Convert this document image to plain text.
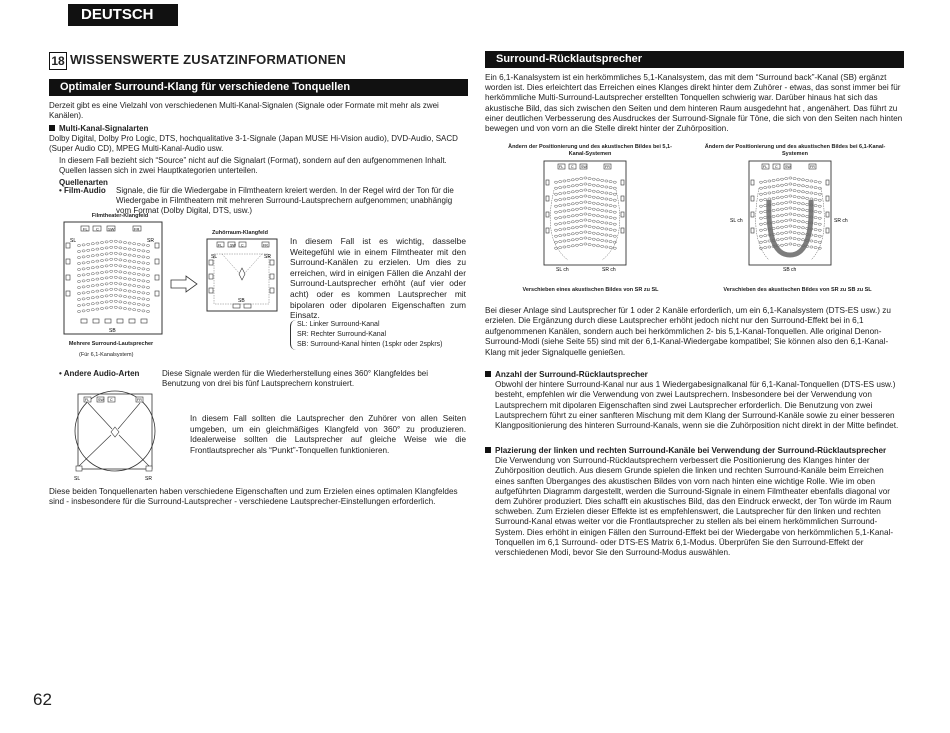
DEUTSCH
18 WISSENSWERTE ZUSATZINFORMATIONEN
Optimaler Surround-Klang für verschiedene Tonquellen
Derzeit gibt es eine Vielzahl von verschiedenen Multi-Kanal-Signalen (Signale oder Formate mit mehr als zwei Kanälen).

Multi-Kanal-Signalarten

Dolby Digital, Dolby Pro Logic, DTS, hochqualitative 3-1-Signale (Japan MUSE Hi-Vision audio), DVD-Audio, SACD (Super Audio CD), MPEG Multi-Kanal-Audio usw.

In diesem Fall bezieht sich “Source” nicht auf die Signalart (Format), sondern auf den aufgenommenen Inhalt. Quellen lassen sich in zwei Hauptkategorien unterteilen.
Quellenarten
• Film-Audio Signale, die für die Wiedergabe in Filmtheatern kreiert werden. In der Regel wird der Ton für die Wiedergabe in Filmtheatern mit mehreren Surround-Lautsprechern aufgenommen; unabhängig vom Format (Dolby Digital, DTS, usw.)
Filmtheater-Klangfeld
FL C SW	FR
SL	SR
SB
Mehrere Surround-Lautsprecher
(Für 6,1-Kanalsystem)
Zuhörraum-Klangfeld
FL SW C	FR
SL	SR
SB
In diesem Fall ist es wichtig, dasselbe Weitegefühl wie in einem Filmtheater mit den Surround-Kanälen zu erzielen. Um dies zu erreichen, wird in einigen Fällen die Anzahl der Surround-Lautsprecher erhöht (auf vier oder acht) oder es kommen Lautsprecher mit bipolaren oder dipolaren Eigenschaften zum Einsatz.

SL: Linker Surround-Kanal

SR: Rechter Surround-Kanal

SB: Surround-Kanal hinten (1spkr oder 2spkrs)

• Andere Audio-Arten	Diese Signale werden für die Wiederherstellung eines 360° Klangfeldes bei Benutzung von drei bis fünf Lautsprechern konstruiert.
FL SW C	FR
SL	SR
In diesem Fall sollten die Lautsprecher den Zuhörer von allen Seiten umgeben, um ein gleichmäßiges Klangfeld von 360° zu produzieren. Idealerweise sollten die Lautsprecher auf gleiche Weise wie die Frontlautsprecher als “Punkt”-Tonquellen funktionieren.
Diese beiden Tonquellenarten haben verschiedene Eigenschaften und zum Erzielen eines optimalen Klangfeldes sind - insbesondere für die Surround-Lautsprecher - verschiedene Lautsprecher-Einstellungen erforderlich.
Surround-Rücklautsprecher
Ein 6,1-Kanalsystem ist ein herkömmliches 5,1-Kanalsystem, das mit dem “Surround back”-Kanal (SB) ergänzt worden ist. Dies erleichtert das Erreichen eines Klanges direkt hinter dem Zuhörer - etwas, das sonst immer bei für herkömmliche Multi-Surround-Lautsprecher erstellten Tonquellen schwierig war. Darüber hinaus hat sich das akustische Bild, das sich zwischen den Seiten und dem hinteren Raum ausgedehnt hat , angenähert. Das führt zu einer deutlichen Verbesserung des Ausdruckes der Surround-Signale für Töne, die sich von den Seiten nach hinten bewegen und von vorn an die Stelle direkt hinter der Zuhörposition.
Ändern der Positionierung und des akustischen Bildes bei 5,1-Kanal-Systemen
FL C SW	FR
SL ch	SR ch
Verschieben eines akustischen Bildes von SR zu SL
Ändern der Positionierung und des akustischen Bildes bei 6,1-Kanal-Systemen
FL C SW	FR
SL ch	SR ch
SB ch
Verschieben des akustischen Bildes von SR zu SB zu SL
Bei dieser Anlage sind Lautsprecher für 1 oder 2 Kanäle erforderlich, um ein 6,1-Kanalsystem (DTS-ES usw.) zu erzielen. Die Ergänzung durch diese Lautsprecher erhöht jedoch nicht nur den Surround-Effekt bei in 6,1 aufgenommenen Kanälen, sondern auch bei herkömmlichen 2- bis 5,1-Kanal-Tonquellen. Alle original Denon-Surround-Modi (siehe Seite 55) sind mit der 6,1-Kanal-Wiedergabe kompatibel; Sie können also den 6,1-Kanal-Klang mit jeder Signalquelle genießen.

Anzahl der Surround-Rücklautsprecher

Obwohl der hintere Surround-Kanal nur aus 1 Wiedergabesignalkanal für 6,1-Kanal-Tonquellen (DTS-ES usw.) besteht, empfehlen wir die Verwendung von zwei Lautsprechern. Insbesondere bei der Verwendung von Lautsprechern mit dipolaren Eigenschaften sind zwei Lautsprecher erforderlich. Die Benutzung von zwei Lautsprechern führt zu einer sanfteren Mischung mit dem Klang der Surround-Kanäle sowie zu einer besseren Klangpositionierung des hinteren Surround-Kanals, wenn sie die Zuhörposition nicht direkt in der Mitte befindet.

Plazierung der linken und rechten Surround-Kanäle bei Verwendung der Surround-Rücklautsprecher

Die Verwendung von Surround-Rücklautsprechern verbessert die Positionierung des Klanges hinter der Zuhörposition deutlich. Aus diesem Grunde spielen die linken und rechten Surround-Kanäle beim Erreichen eines sanften Überganges des akustischen Bildes von vorn nach hinten eine wichtige Rolle. Wie im oben aufgeführten Diagramm dargestellt, werden die Surround-Signale in einem Filmtheater ebenfalls diagonal vor dem Zuhörer produziert. Dies schafft ein akustisches Bild, das den Eindruck erweckt, der Ton würde im Raum schweben. Zum Erzielen dieser Effekte ist es empfehlenswert, die Lautsprecher für den linken und rechten Surround-Kanal etwas weiter vor die Frontlautsprecher zu stellen als bei einem herkömmlichen Surround-System. Dies erhöht in einigen Fällen den Surround-Effekt bei der Wiedergabe von herkömmlichen 5,1-Kanal-Tonquellen im 6,1 Surround- oder DTS-ES Matrix 6,1-Modus. Überprüfen Sie den Surround-Effekt der verschiedenen Modi, bevor Sie den Surround-Modus auswählen.

62
